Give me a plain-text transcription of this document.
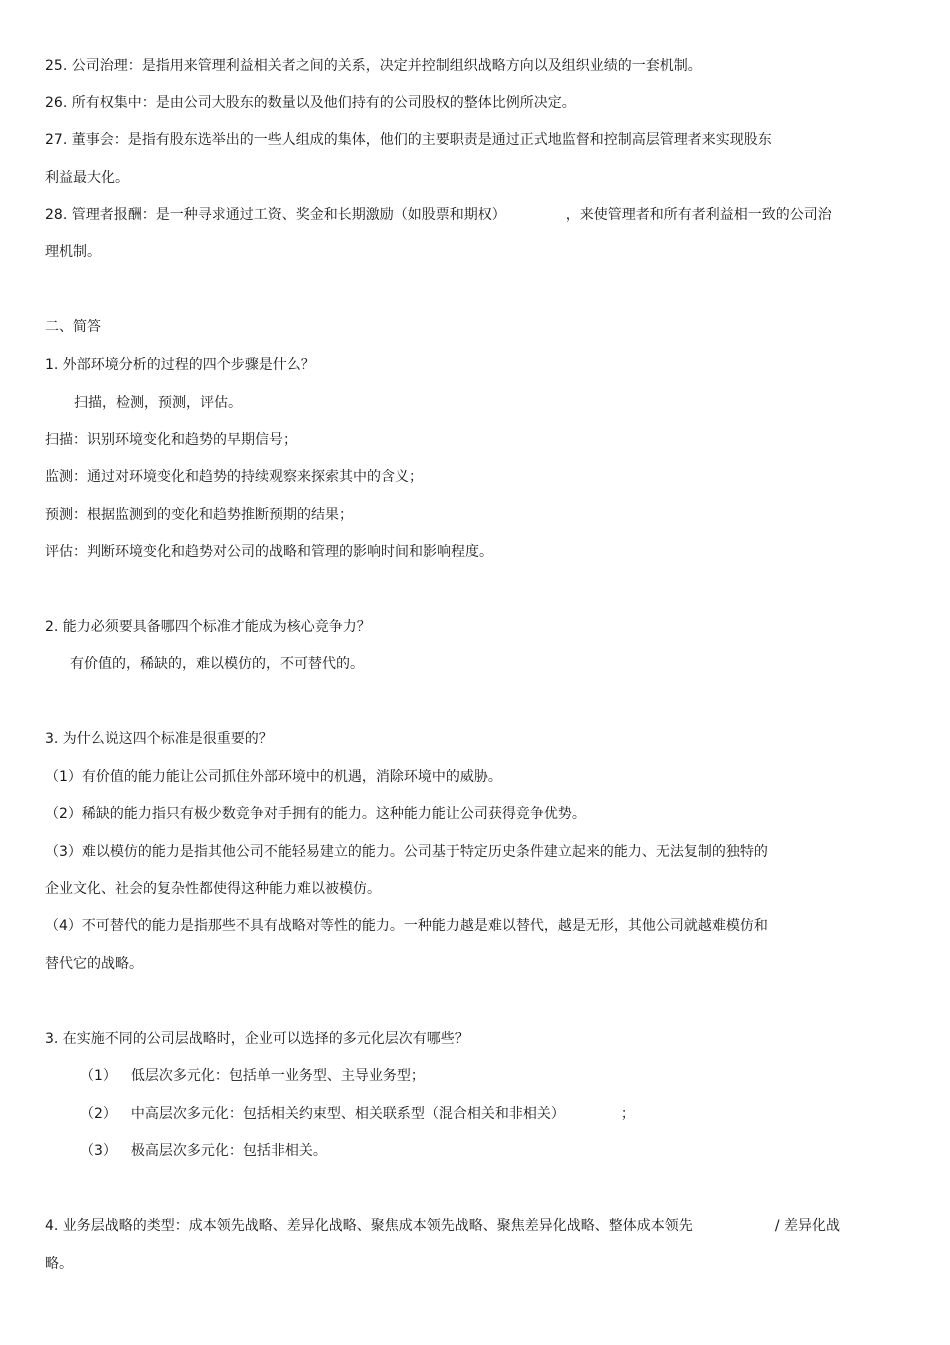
25. 公司治理：是指用来管理利益相关者之间的关系，决定并控制组织战略方向以及组织业绩的一套机制。
26. 所有权集中：是由公司大股东的数量以及他们持有的公司股权的整体比例所决定。
27. 董事会：是指有股东选举出的一些人组成的集体，他们的主要职责是通过正式地监督和控制高层管理者来实现股东
利益最大化。
28. 管理者报酬：是一种寻求通过工资、奖金和长期激励（如股票和期权）	，来使管理者和所有者利益相一致的公司治
理机制。
二、简答
1. 外部环境分析的过程的四个步骤是什么？
扫描，检测，预测，评估。
扫描：识别环境变化和趋势的早期信号；
监测：通过对环境变化和趋势的持续观察来探索其中的含义；
预测：根据监测到的变化和趋势推断预期的结果；
评估：判断环境变化和趋势对公司的战略和管理的影响时间和影响程度。
2. 能力必须要具备哪四个标准才能成为核心竞争力？
有价值的，稀缺的，难以模仿的，不可替代的。
3. 为什么说这四个标准是很重要的？
（1）有价值的能力能让公司抓住外部环境中的机遇，消除环境中的威胁。
（2）稀缺的能力指只有极少数竞争对手拥有的能力。这种能力能让公司获得竞争优势。
（3）难以模仿的能力是指其他公司不能轻易建立的能力。公司基于特定历史条件建立起来的能力、无法复制的独特的
企业文化、社会的复杂性都使得这种能力难以被模仿。
（4）不可替代的能力是指那些不具有战略对等性的能力。一种能力越是难以替代，越是无形，其他公司就越难模仿和
替代它的战略。
3. 在实施不同的公司层战略时，企业可以选择的多元化层次有哪些？
（1） 低层次多元化：包括单一业务型、主导业务型；
（2） 中高层次多元化：包括相关约束型、相关联系型（混合相关和非相关）	；
（3） 极高层次多元化：包括非相关。
4. 业务层战略的类型：成本领先战略、差异化战略、聚焦成本领先战略、聚焦差异化战略、整体成本领先	/ 差异化战
略。
